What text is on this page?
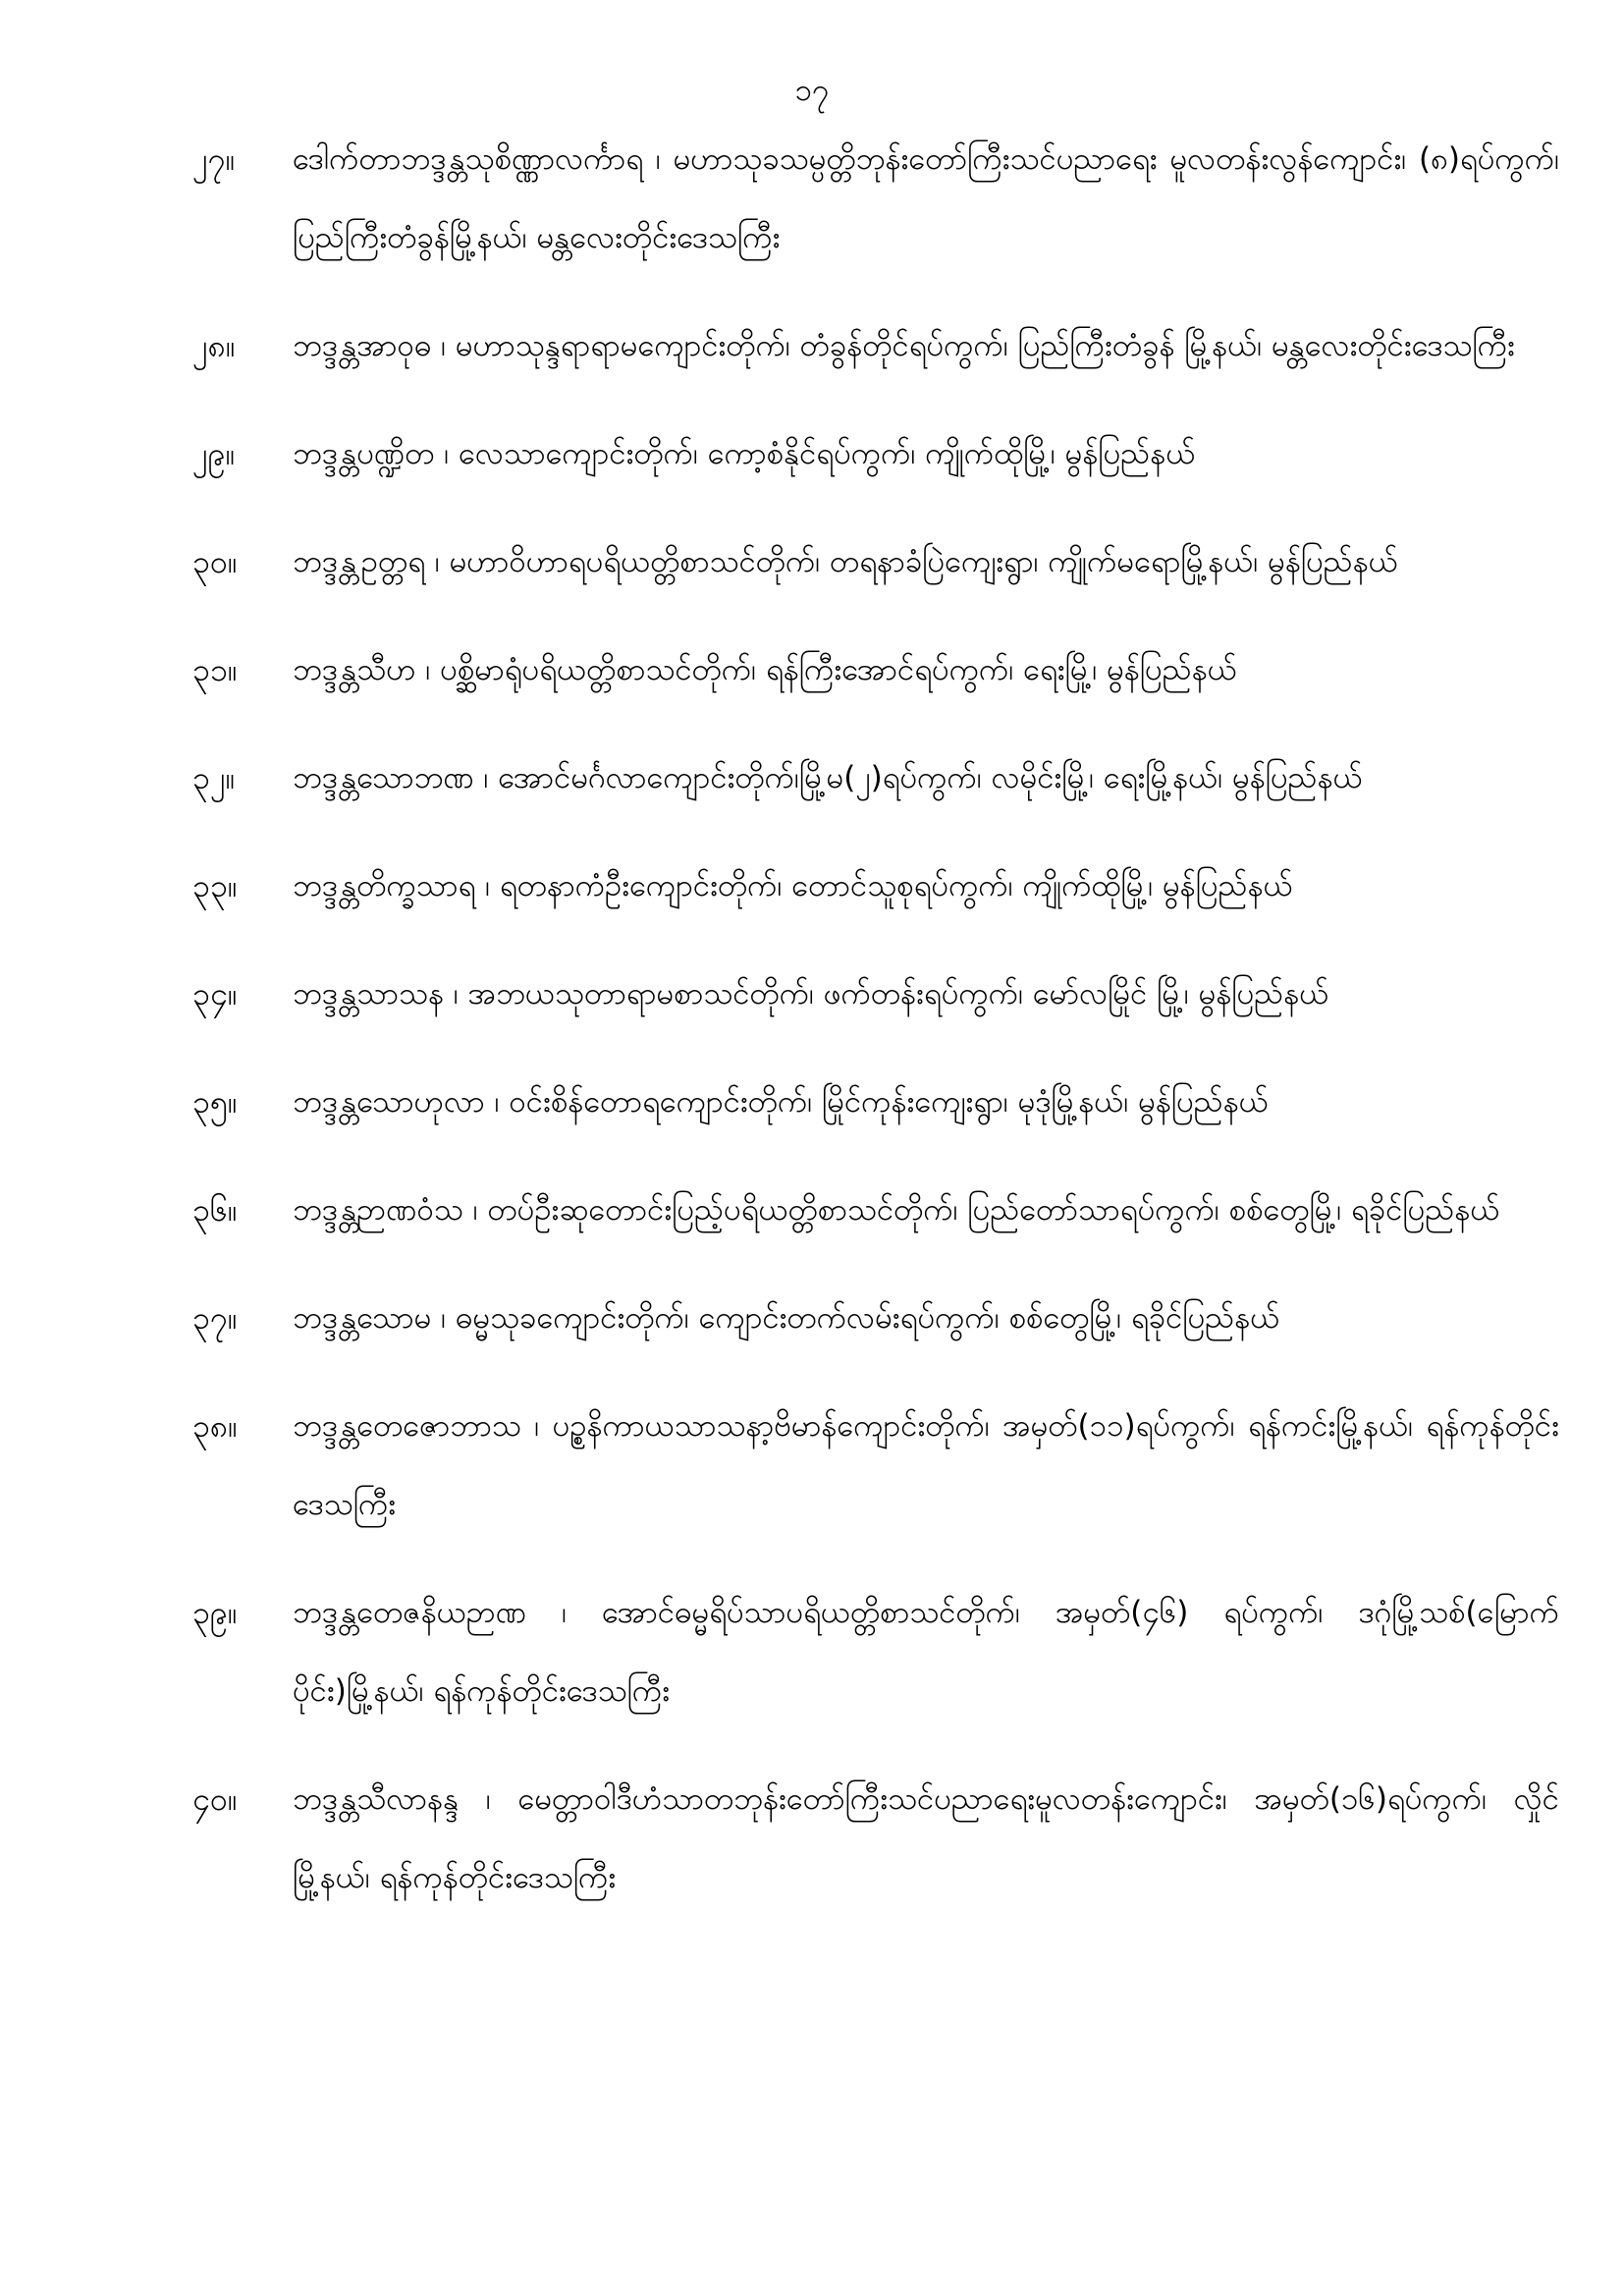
၁၇
၂၇။ ဒေါက်တာဘဒ္ဒန္တသုစိဏ္ဏာလင်္ကာရ ၊ မဟာသုခသမ္ပတ္တိဘုန်းတော်ကြီးသင်ပညာရေး မူလတန်းလွန်ကျောင်း၊ (၈)ရပ်ကွက်၊ ပြည်ကြီးတံခွန်မြို့နယ်၊ မန္တလေးတိုင်းဒေသကြီး
၂၈။ ဘဒ္ဒန္တအာဝုဓ ၊ မဟာသုန္ဒရာရာမကျောင်းတိုက်၊ တံခွန်တိုင်ရပ်ကွက်၊ ပြည်ကြီးတံခွန် မြို့နယ်၊ မန္တလေးတိုင်းဒေသကြီး
၂၉။ ဘဒ္ဒန္တပဏ္ဍိတ ၊ လေသာကျောင်းတိုက်၊ ကော့စံနိုင်ရပ်ကွက်၊ ကျိုက်ထိုမြို့၊ မွန်ပြည်နယ်
၃၀။ ဘဒ္ဒန္တဥတ္တရ ၊ မဟာဝိဟာရပရိယတ္တိစာသင်တိုက်၊ တရနာခံပြဲကျေးရွာ၊ ကျိုက်မရောမြို့နယ်၊ မွန်ပြည်နယ်
၃၁။ ဘဒ္ဒန္တသီဟ ၊ ပစ္ဆိမာရုံပရိယတ္တိစာသင်တိုက်၊ ရန်ကြီးအောင်ရပ်ကွက်၊ ရေးမြို့၊ မွန်ပြည်နယ်
၃၂။ ဘဒ္ဒန္တသောဘဏ ၊ အောင်မင်္ဂလာကျောင်းတိုက်၊မြို့မ(၂)ရပ်ကွက်၊ လမိုင်းမြို့၊ ရေးမြို့နယ်၊ မွန်ပြည်နယ်
၃၃။ ဘဒ္ဒန္တတိက္ခသာရ ၊ ရတနာကံဦးကျောင်းတိုက်၊ တောင်သူစုရပ်ကွက်၊ ကျိုက်ထိုမြို့၊ မွန်ပြည်နယ်
၃၄။ ဘဒ္ဒန္တသာသန ၊ အဘယသုတာရာမစာသင်တိုက်၊ ဖက်တန်းရပ်ကွက်၊ မော်လမြိုင် မြို့၊ မွန်ပြည်နယ်
၃၅။ ဘဒ္ဒန္တသောဟုလာ ၊ ဝင်းစိန်တောရကျောင်းတိုက်၊ မြိုင်ကုန်းကျေးရွာ၊ မုဒုံမြို့နယ်၊ မွန်ပြည်နယ်
၃၆။ ဘဒ္ဒန္တဉာဏဝံသ ၊ တပ်ဦးဆုတောင်းပြည့်ပရိယတ္တိစာသင်တိုက်၊ ပြည်တော်သာရပ်ကွက်၊ စစ်တွေမြို့၊ ရခိုင်ပြည်နယ်
၃၇။ ဘဒ္ဒန္တသောမ ၊ ဓမ္မသုခကျောင်းတိုက်၊ ကျောင်းတက်လမ်းရပ်ကွက်၊ စစ်တွေမြို့၊ ရခိုင်ပြည်နယ်
၃၈။ ဘဒ္ဒန္တတေဇောဘာသ ၊ ပဥ္စနိကာယသာသနာ့ဗိမာန်ကျောင်းတိုက်၊ အမှတ်(၁၁)ရပ်ကွက်၊ ရန်ကင်းမြို့နယ်၊ ရန်ကုန်တိုင်းဒေသကြီး
၃၉။ ဘဒ္ဒန္တတေဇနိယဉာဏ ၊ အောင်ဓမ္မရိပ်သာပရိယတ္တိစာသင်တိုက်၊ အမှတ်(၄၆) ရပ်ကွက်၊ ဒဂုံမြို့သစ်(မြောက်ပိုင်း)မြို့နယ်၊ ရန်ကုန်တိုင်းဒေသကြီး
၄၀။ ဘဒ္ဒန္တသီလာနန္ဒ ၊ မေတ္တာဝါဒီဟံသာတဘုန်းတော်ကြီးသင်ပညာရေးမူလတန်းကျောင်း၊ အမှတ်(၁၆)ရပ်ကွက်၊ လှိုင်မြို့နယ်၊ ရန်ကုန်တိုင်းဒေသကြီး
